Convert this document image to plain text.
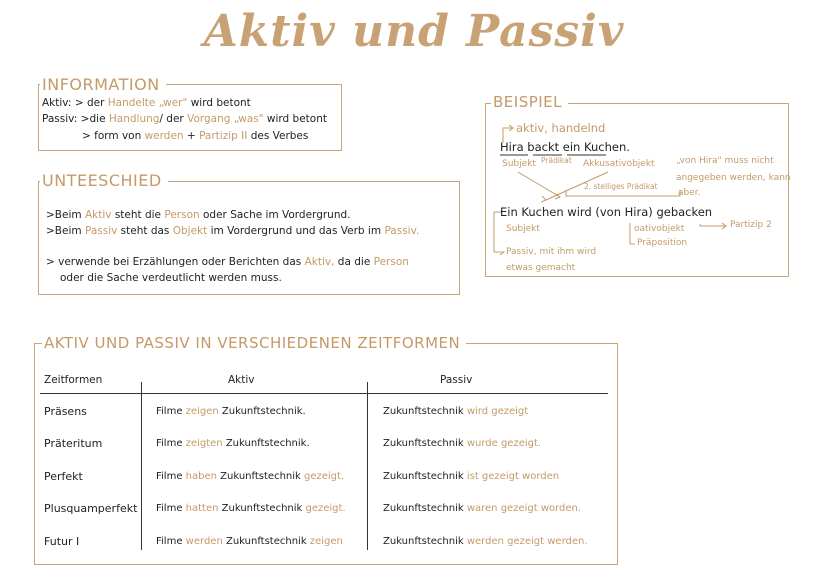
Aktiv und Passiv
INFORMATION
Aktiv: > der Handelte „wer" wird betont
Passiv: >die Handlung/ der Vorgang „was" wird betont
> form von werden + Partizip II des Verbes
UNTEESCHIED
>Beim Aktiv steht die Person oder Sache im Vordergrund.
>Beim Passiv steht das Objekt im Vordergrund und das Verb im Passiv.
> verwende bei Erzählungen oder Berichten das Aktiv, da die Person
oder die Sache verdeutlicht werden muss.
BEISPIEL
aktiv, handelnd
Hira backt ein Kuchen.
Subjekt Prädikat Akkusativobjekt „von Hira" muss nicht
angegeben werden, kann
aber.
2. stelliges Prädikat
Ein Kuchen wird (von Hira) gebacken
Subjekt	oativobjekt	Partizip 2
Präposition
Passiv, mit ihm wird
etwas gemacht
AKTIV UND PASSIV IN VERSCHIEDENEN ZEITFORMEN
Zeitformen	Aktiv	Passiv
Präsens	Filme zeigen Zukunftstechnik.	Zukunftstechnik wird gezeigt
Präteritum	Filme zeigten Zukunftstechnik.	Zukunftstechnik wurde gezeigt.
Perfekt	Filme haben Zukunftstechnik gezeigt.	Zukunftstechnik ist gezeigt worden
Plusquamperfekt Filme hatten Zukunftstechnik gezeigt.	Zukunftstechnik waren gezeigt worden.
Futur I	Filme werden Zukunftstechnik zeigen	Zukunftstechnik werden gezeigt werden.
